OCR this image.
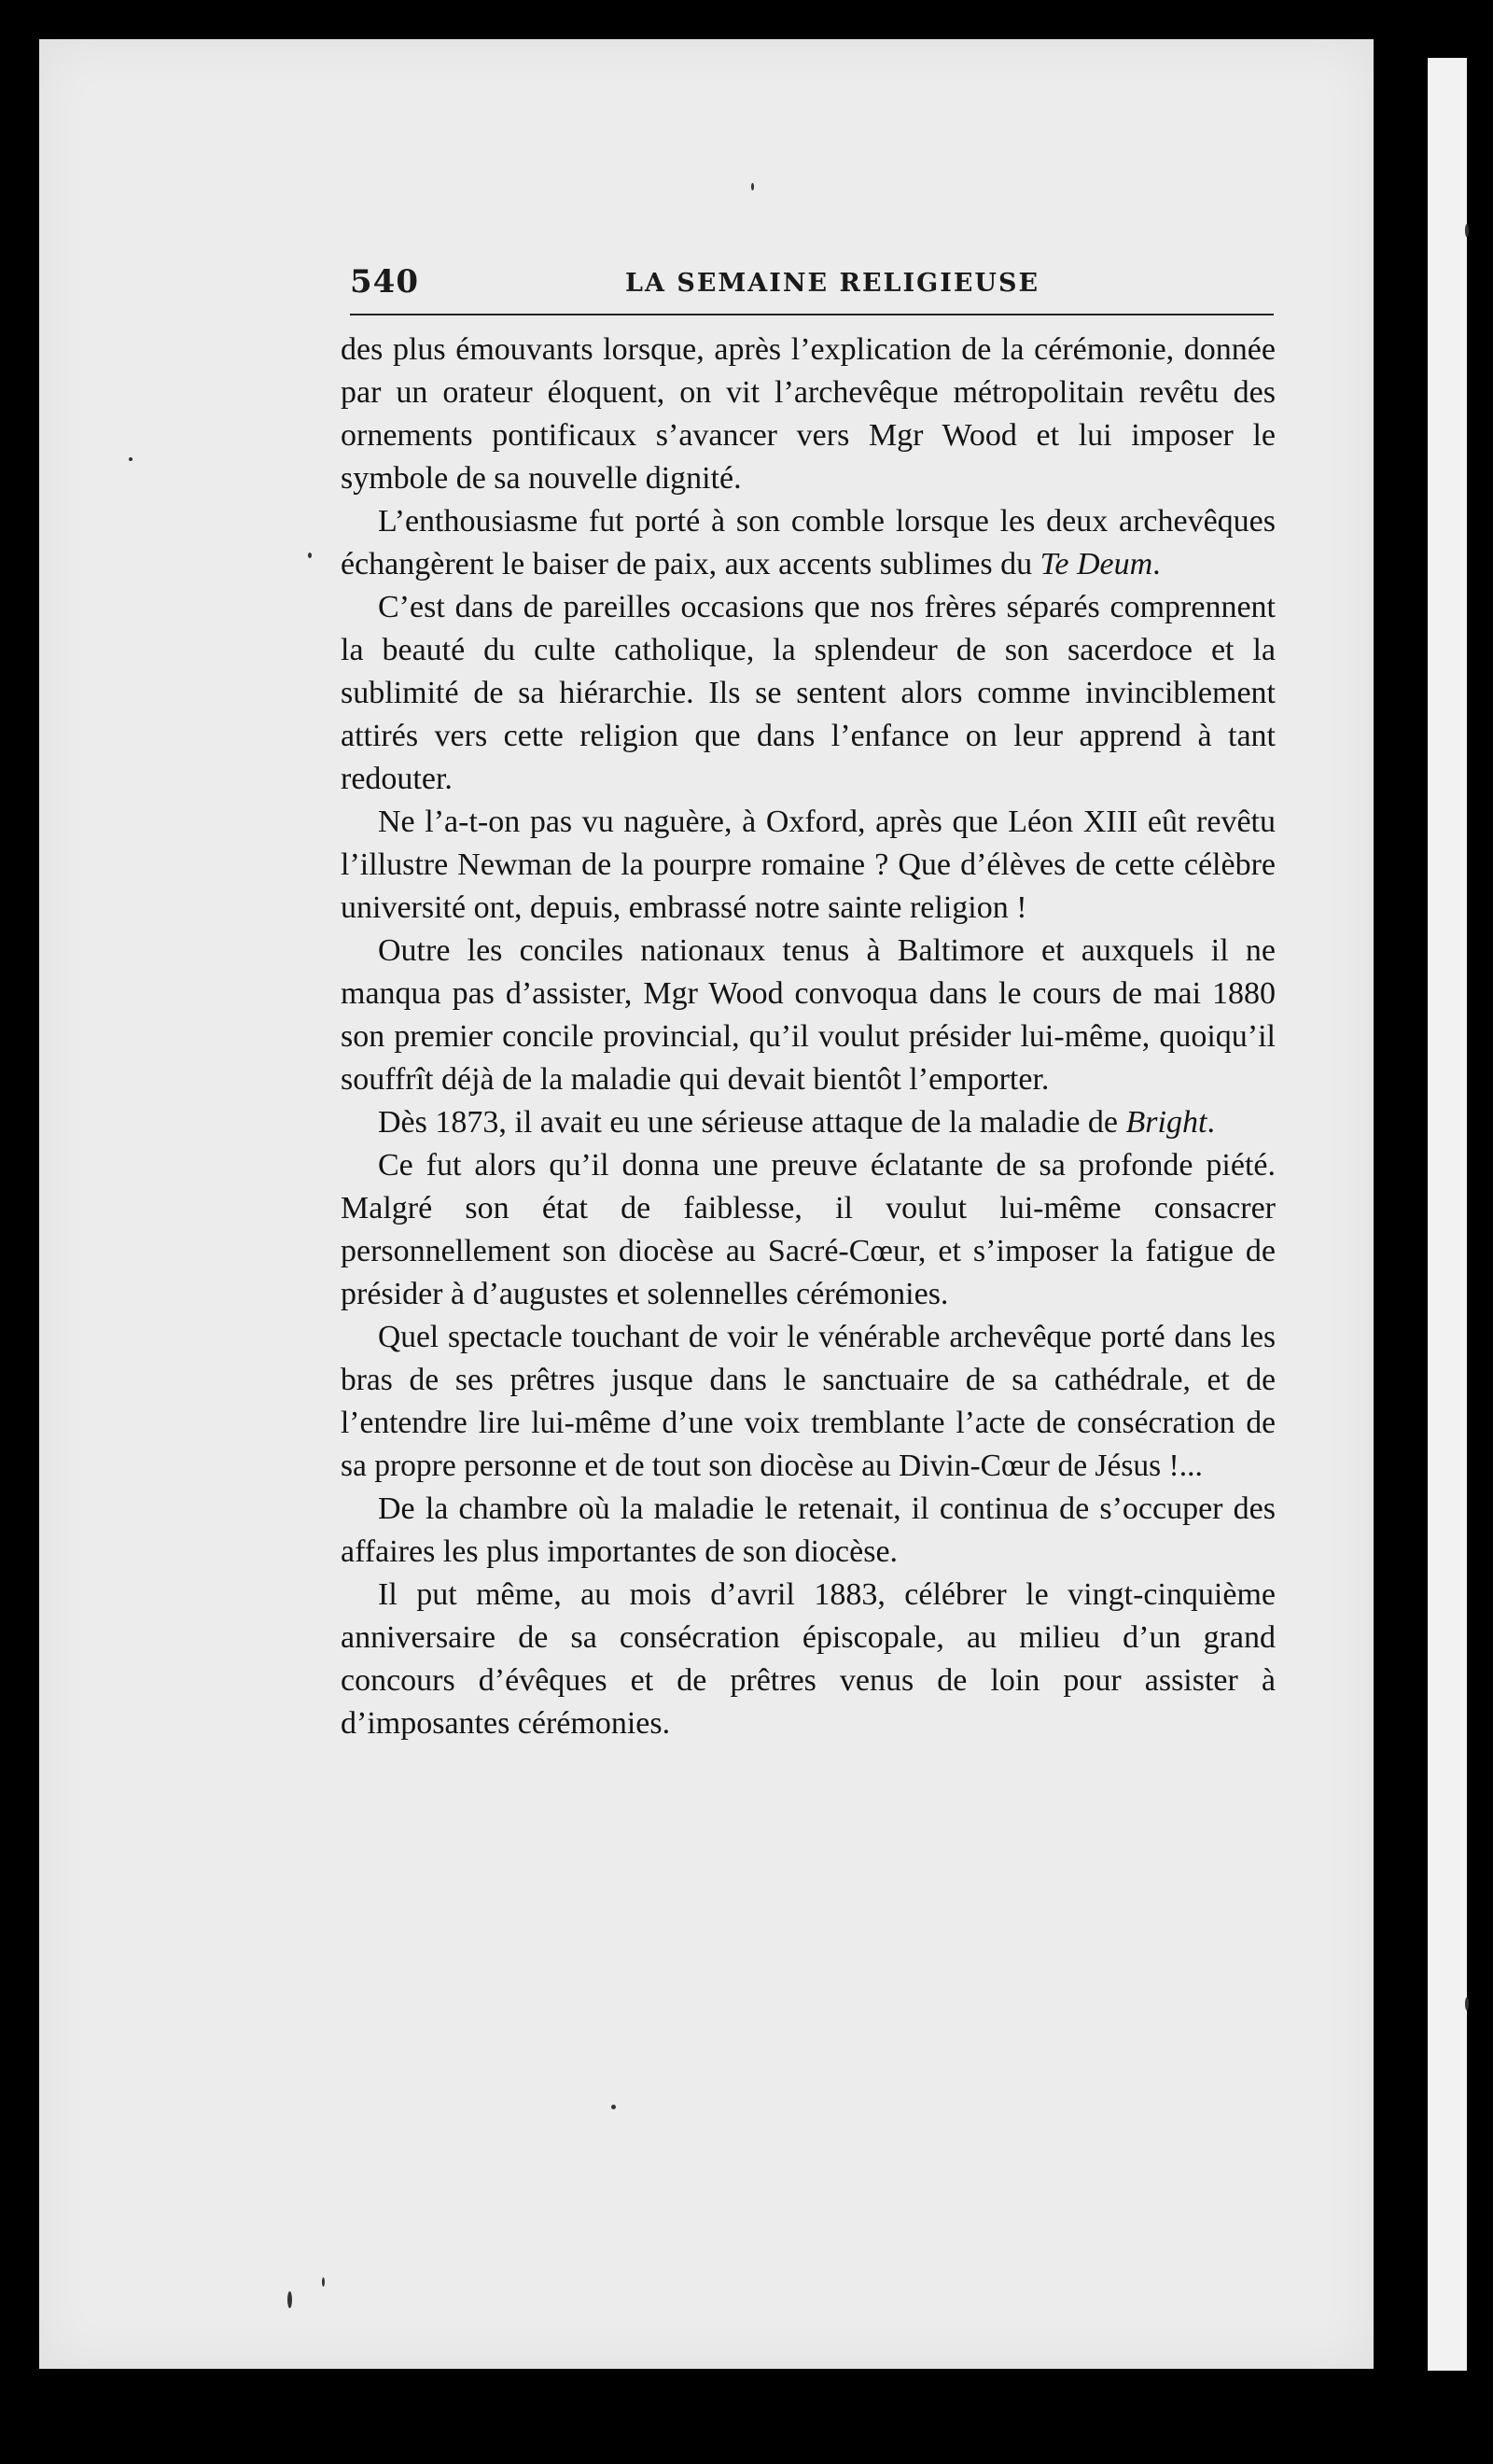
540	LA SEMAINE RELIGIEUSE

des plus émouvants lorsque, après l’explication de la cérémonie, donnée par un orateur éloquent, on vit l’archevêque métropolitain revêtu des ornements pontificaux s’avancer vers Mgr Wood et lui imposer le symbole de sa nouvelle dignité.

L’enthousiasme fut porté à son comble lorsque les deux archevêques échangèrent le baiser de paix, aux accents sublimes du Te Deum.

C’est dans de pareilles occasions que nos frères séparés comprennent la beauté du culte catholique, la splendeur de son sacerdoce et la sublimité de sa hiérarchie. Ils se sentent alors comme invinciblement attirés vers cette religion que dans l’enfance on leur apprend à tant redouter.

Ne l’a-t-on pas vu naguère, à Oxford, après que Léon XIII eût revêtu l’illustre Newman de la pourpre romaine ? Que d’élèves de cette célèbre université ont, depuis, embrassé notre sainte religion !

Outre les conciles nationaux tenus à Baltimore et auxquels il ne manqua pas d’assister, Mgr Wood convoqua dans le cours de mai 1880 son premier concile provincial, qu’il voulut présider lui-même, quoiqu’il souffrît déjà de la maladie qui devait bientôt l’emporter.

Dès 1873, il avait eu une sérieuse attaque de la maladie de Bright.

Ce fut alors qu’il donna une preuve éclatante de sa profonde piété. Malgré son état de faiblesse, il voulut lui-même consacrer personnellement son diocèse au Sacré-Cœur, et s’imposer la fatigue de présider à d’augustes et solennelles cérémonies.

Quel spectacle touchant de voir le vénérable archevêque porté dans les bras de ses prêtres jusque dans le sanctuaire de sa cathédrale, et de l’entendre lire lui-même d’une voix tremblante l’acte de consécration de sa propre personne et de tout son diocèse au Divin-Cœur de Jésus !...

De la chambre où la maladie le retenait, il continua de s’occuper des affaires les plus importantes de son diocèse.

Il put même, au mois d’avril 1883, célébrer le vingt-cinquième anniversaire de sa consécration épiscopale, au milieu d’un grand concours d’évêques et de prêtres venus de loin pour assister à d’imposantes cérémonies.
